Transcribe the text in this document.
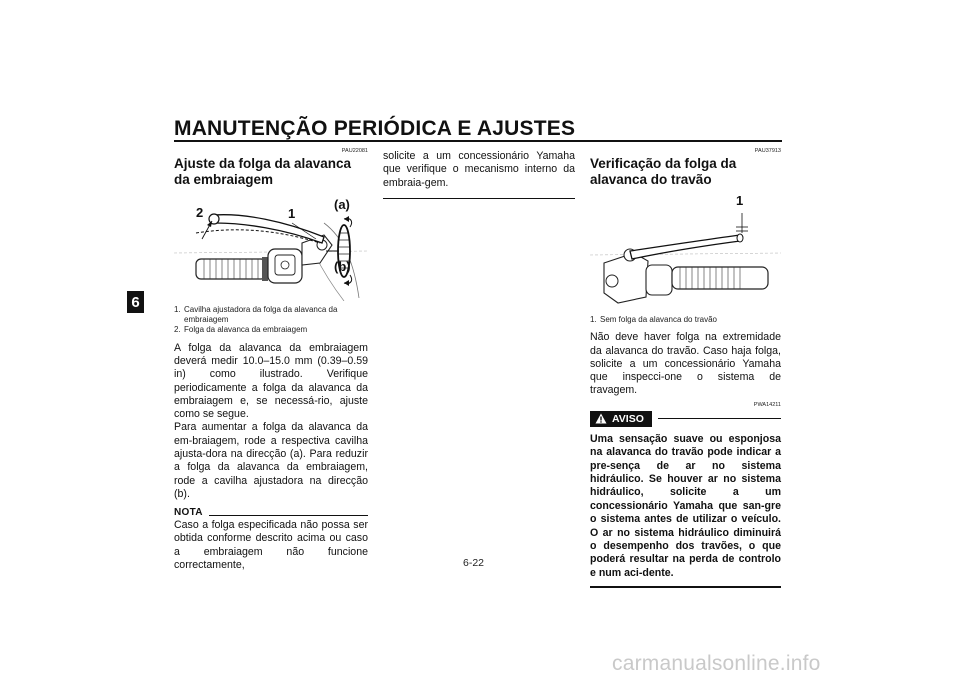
MANUTENÇÃO PERIÓDICA E AJUSTES
6
PAU22081
Ajuste da folga da alavanca da embraiagem
2	1
(a)
(b)
1. Cavilha ajustadora da folga da alavanca da embraiagem
2. Folga da alavanca da embraiagem

A folga da alavanca da embraiagem deverá medir 10.0–15.0 mm (0.39–0.59 in) como ilustrado. Verifique periodicamente a folga da alavanca da embraiagem e, se necessá-rio, ajuste como se segue.

Para aumentar a folga da alavanca da em-braiagem, rode a respectiva cavilha ajusta-dora na direcção (a). Para reduzir a folga da alavanca da embraiagem, rode a cavilha ajustadora na direcção (b).

NOTA

Caso a folga especificada não possa ser obtida conforme descrito acima ou caso a embraiagem não funcione correctamente,

solicite a um concessionário Yamaha que verifique o mecanismo interno da embraia-gem.

PAU37913
Verificação da folga da alavanca do travão
1
1. Sem folga da alavanca do travão

Não deve haver folga na extremidade da alavanca do travão. Caso haja folga, solicite a um concessionário Yamaha que inspecci-one o sistema de travagem.

PWA14211
AVISO

Uma sensação suave ou esponjosa na alavanca do travão pode indicar a pre-sença de ar no sistema hidráulico. Se houver ar no sistema hidráulico, solicite a um concessionário Yamaha que san-gre o sistema antes de utilizar o veículo. O ar no sistema hidráulico diminuirá o desempenho dos travões, o que poderá resultar na perda de controlo e num aci-dente.

6-22
carmanualsonline.info
